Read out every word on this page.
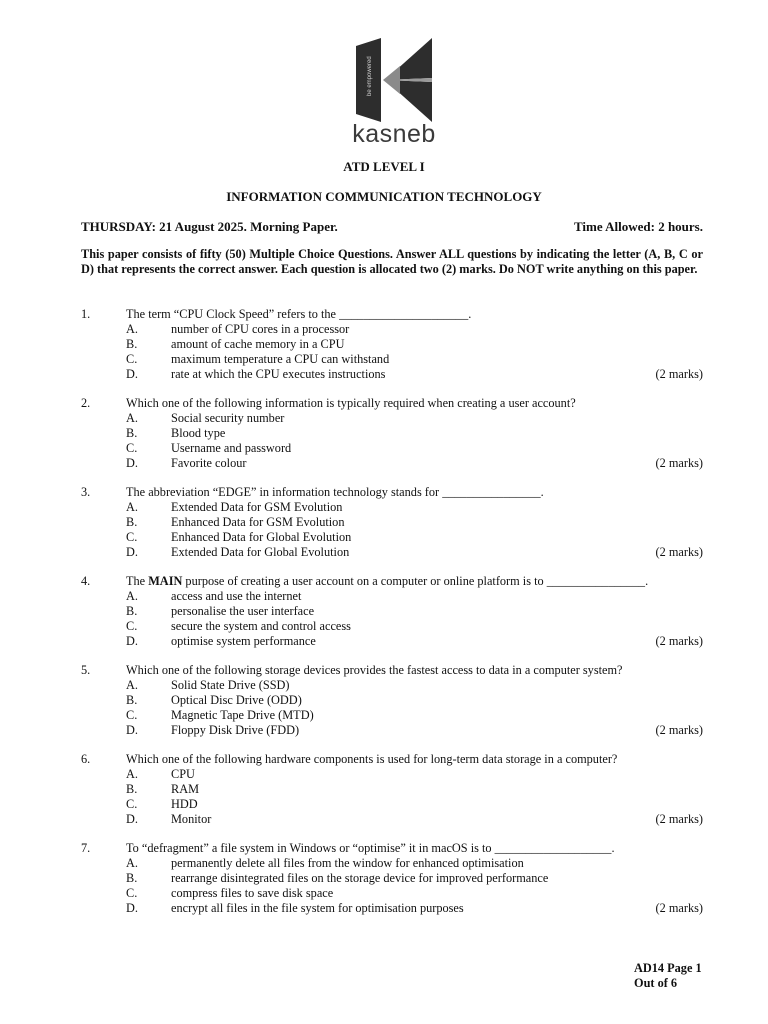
be empowered
kasneb
ATD LEVEL I
INFORMATION COMMUNICATION TECHNOLOGY
THURSDAY: 21 August 2025. Morning Paper.	Time Allowed: 2 hours.
This paper consists of fifty (50) Multiple Choice Questions. Answer ALL questions by indicating the letter (A, B, C or D) that represents the correct answer. Each question is allocated two (2) marks. Do NOT write anything on this paper.
1.	The term “CPU Clock Speed” refers to the _____________________.
A.	number of CPU cores in a processor
B.	amount of cache memory in a CPU
C.	maximum temperature a CPU can withstand
D.	rate at which the CPU executes instructions	(2 marks)
2.	Which one of the following information is typically required when creating a user account?
A.	Social security number
B.	Blood type
C.	Username and password
D.	Favorite colour	(2 marks)
3.	The abbreviation “EDGE” in information technology stands for ________________.
A.	Extended Data for GSM Evolution
B.	Enhanced Data for GSM Evolution
C.	Enhanced Data for Global Evolution
D.	Extended Data for Global Evolution	(2 marks)
4.	The MAIN purpose of creating a user account on a computer or online platform is to ________________.
A.	access and use the internet
B.	personalise the user interface
C.	secure the system and control access
D.	optimise system performance	(2 marks)
5.	Which one of the following storage devices provides the fastest access to data in a computer system?
A.	Solid State Drive (SSD)
B.	Optical Disc Drive (ODD)
C.	Magnetic Tape Drive (MTD)
D.	Floppy Disk Drive (FDD)	(2 marks)
6.	Which one of the following hardware components is used for long-term data storage in a computer?
A.	CPU
B.	RAM
C.	HDD
D.	Monitor	(2 marks)
7.	To “defragment” a file system in Windows or “optimise” it in macOS is to ___________________.
A.	permanently delete all files from the window for enhanced optimisation
B.	rearrange disintegrated files on the storage device for improved performance
C.	compress files to save disk space
D.	encrypt all files in the file system for optimisation purposes	(2 marks)
AD14 Page 1
Out of 6
